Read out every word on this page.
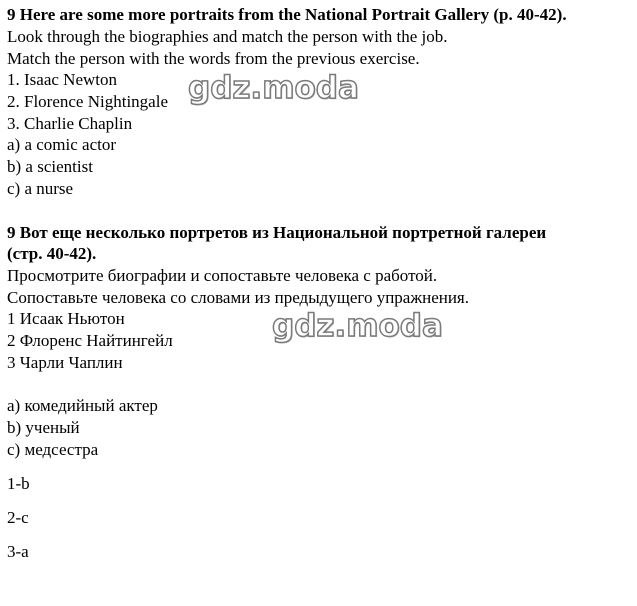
9 Here are some more portraits from the National Portrait Gallery (p. 40-42).
Look through the biographies and match the person with the job.
Match the person with the words from the previous exercise.
1. Isaac Newton
2. Florence Nightingale
3. Charlie Chaplin
a) a comic actor
b) a scientist
c) a nurse
9 Вот еще несколько портретов из Национальной портретной галереи
(стр. 40-42).
Просмотрите биографии и сопоставьте человека с работой.
Сопоставьте человека со словами из предыдущего упражнения.
1 Исаак Ньютон
2 Флоренс Найтингейл
3 Чарли Чаплин
a) комедийный актер
b) ученый
c) медсестра
1-b
2-c
3-a
gdz.moda
gdz.moda
